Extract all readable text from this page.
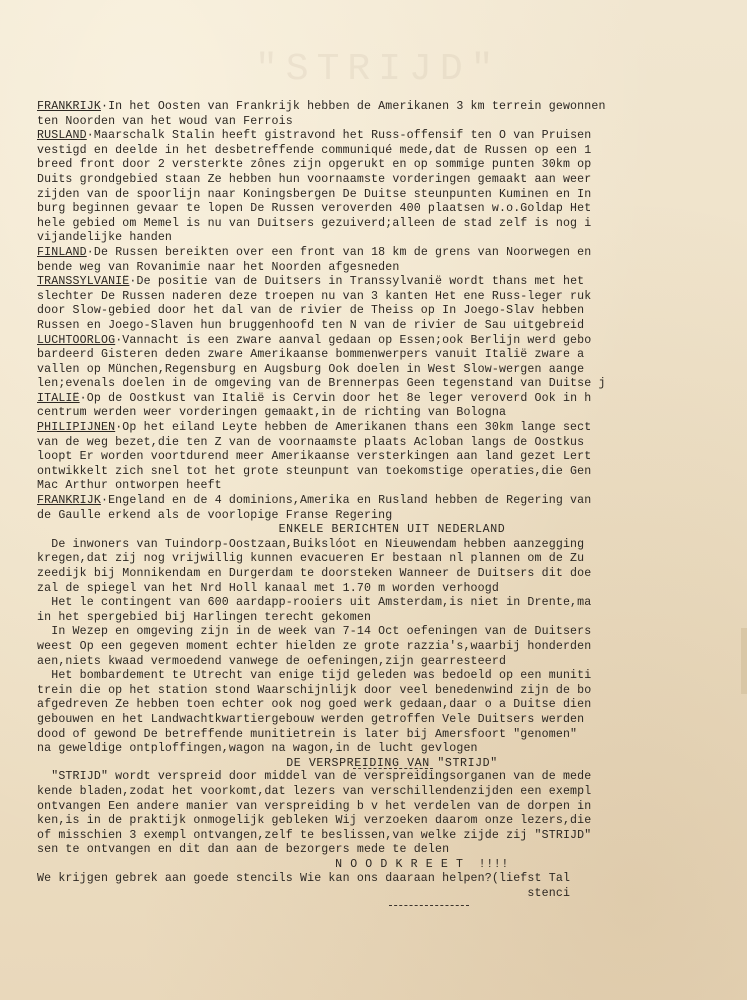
"STRIJD"
FRANKRIJK·In het Oosten van Frankrijk hebben de Amerikanen 3 km terrein gewonnen
ten Noorden van het woud van Ferrois
RUSLAND·Maarschalk Stalin heeft gistravond het Russ-offensif ten O van Pruisen
vestigd en deelde in het desbetreffende communiqué mede,dat de Russen op een 1
breed front door 2 versterkte zônes zijn opgerukt en op sommige punten 30km op
Duits grondgebied staan Ze hebben hun voornaamste vorderingen gemaakt aan weer
zijden van de spoorlijn naar Koningsbergen De Duitse steunpunten Kuminen en In
burg beginnen gevaar te lopen De Russen veroverden 400 plaatsen w.o.Goldap Het
hele gebied om Memel is nu van Duitsers gezuiverd;alleen de stad zelf is nog i
vijandelijke handen
FINLAND·De Russen bereikten over een front van 18 km de grens van Noorwegen en
bende weg van Rovanimie naar het Noorden afgesneden
TRANSSYLVANIË·De positie van de Duitsers in Transsylvanië wordt thans met het
slechter De Russen naderen deze troepen nu van 3 kanten Het ene Russ-leger ruk
door Slow-gebied door het dal van de rivier de Theiss op In Joego-Slav hebben
Russen en Joego-Slaven hun bruggenhoofd ten N van de rivier de Sau uitgebreid
LUCHTOORLOG·Vannacht is een zware aanval gedaan op Essen;ook Berlijn werd gebo
bardeerd Gisteren deden zware Amerikaanse bommenwerpers vanuit Italië zware a
vallen op München,Regensburg en Augsburg Ook doelen in West Slow-wergen aange
len;evenals doelen in de omgeving van de Brennerpas Geen tegenstand van Duitse j
ITALIË·Op de Oostkust van Italië is Cervin door het 8e leger veroverd Ook in h
centrum werden weer vorderingen gemaakt,in de richting van Bologna
PHILIPIJNEN·Op het eiland Leyte hebben de Amerikanen thans een 30km lange sect
van de weg bezet,die ten Z van de voornaamste plaats Acloban langs de Oostkus
loopt Er worden voortdurend meer Amerikaanse versterkingen aan land gezet Lert
ontwikkelt zich snel tot het grote steunpunt van toekomstige operaties,die Gen
Mac Arthur ontworpen heeft
FRANKRIJK·Engeland en de 4 dominions,Amerika en Rusland hebben de Regering van
de Gaulle erkend als de voorlopige Franse Regering
ENKELE BERICHTEN UIT NEDERLAND
De inwoners van Tuindorp-Oostzaan,Buikslóot en Nieuwendam hebben aanzegging
kregen,dat zij nog vrijwillig kunnen evacueren Er bestaan nl plannen om de Zu
zeedijk bij Monnikendam en Durgerdam te doorsteken Wanneer de Duitsers dit doe
zal de spiegel van het Nrd Holl kanaal met 1.70 m worden verhoogd
Het le contingent van 600 aardapp-rooiers uit Amsterdam,is niet in Drente,ma
in het spergebied bij Harlingen terecht gekomen
In Wezep en omgeving zijn in de week van 7-14 Oct oefeningen van de Duitsers
weest Op een gegeven moment echter hielden ze grote razzia's,waarbij honderden
aen,niets kwaad vermoedend vanwege de oefeningen,zijn gearresteerd
Het bombardement te Utrecht van enige tijd geleden was bedoeld op een muniti
trein die op het station stond Waarschijnlijk door veel benedenwind zijn de bo
afgedreven Ze hebben toen echter ook nog goed werk gedaan,daar o a Duitse dien
gebouwen en het Landwachtkwartiergebouw werden getroffen Vele Duitsers werden
dood of gewond De betreffende munitietrein is later bij Amersfoort "genomen"
na geweldige ontploffingen,wagon na wagon,in de lucht gevlogen
DE VERSPREIDING VAN "STRIJD"
"STRIJD" wordt verspreid door middel van de verspreidingsorganen van de mede
kende bladen,zodat het voorkomt,dat lezers van verschillendenzijden een exempl
ontvangen Een andere manier van verspreiding b v het verdelen van de dorpen in
ken,is in de praktijk onmogelijk gebleken Wij verzoeken daarom onze lezers,die
of misschien 3 exempl ontvangen,zelf te beslissen,van welke zijde zij "STRIJD"
sen te ontvangen en dit dan aan de bezorgers mede te delen
N O O D K R E E T  !!!!
We krijgen gebrek aan goede stencils Wie kan ons daaraan helpen?(liefst Tal
stenci
